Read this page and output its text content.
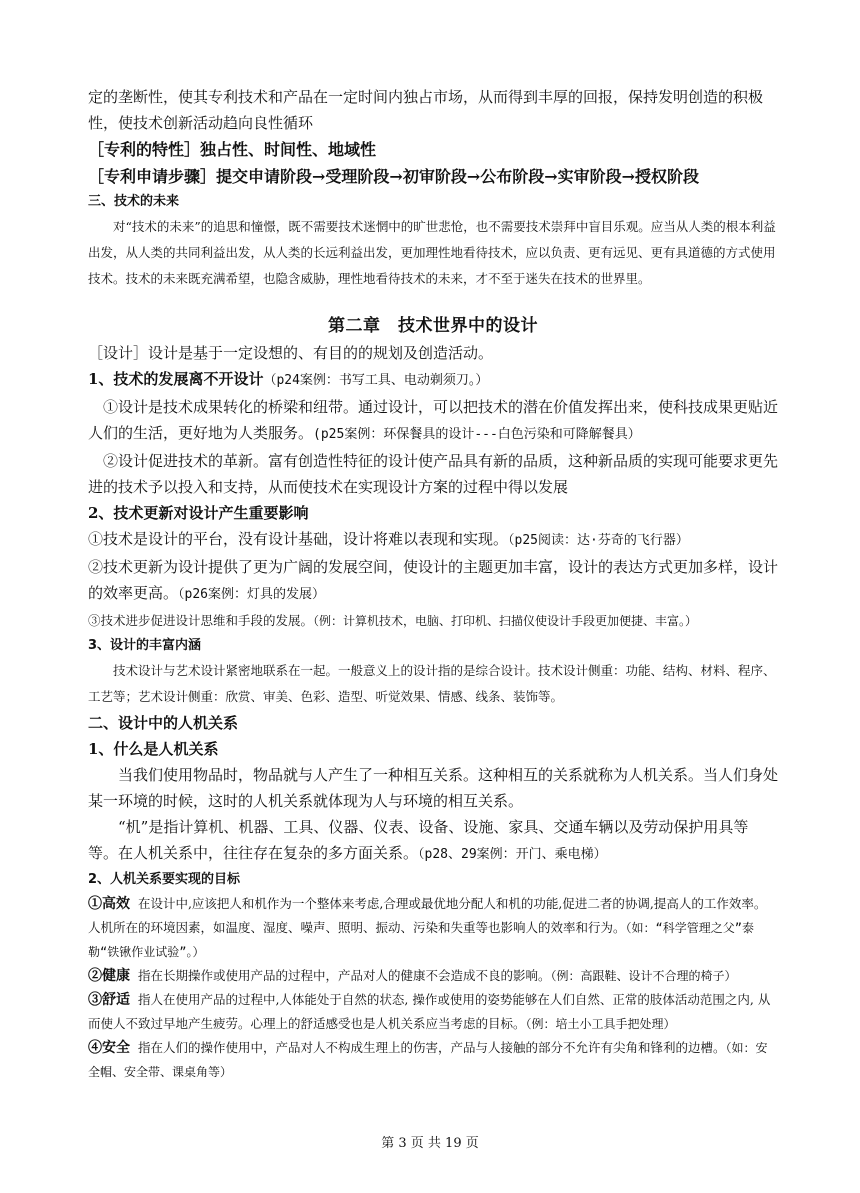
定的垄断性，使其专利技术和产品在一定时间内独占市场，从而得到丰厚的回报，保持发明创造的积极性，使技术创新活动趋向良性循环

［专利的特性］独占性、时间性、地域性

［专利申请步骤］提交申请阶段→受理阶段→初审阶段→公布阶段→实审阶段→授权阶段

三、技术的未来

对“技术的未来”的追思和憧憬，既不需要技术迷惘中的旷世悲怆，也不需要技术崇拜中盲目乐观。应当从人类的根本利益出发，从人类的共同利益出发，从人类的长远利益出发，更加理性地看待技术，应以负责、更有远见、更有具道德的方式使用技术。技术的未来既充满希望，也隐含威胁，理性地看待技术的未来，才不至于迷失在技术的世界里。

第二章　技术世界中的设计

［设计］设计是基于一定设想的、有目的的规划及创造活动。

1、技术的发展离不开设计（p24案例：书写工具、电动剃须刀。）

①设计是技术成果转化的桥梁和纽带。通过设计，可以把技术的潜在价值发挥出来，使科技成果更贴近人们的生活，更好地为人类服务。(p25案例：环保餐具的设计---白色污染和可降解餐具）

②设计促进技术的革新。富有创造性特征的设计使产品具有新的品质，这种新品质的实现可能要求更先进的技术予以投入和支持，从而使技术在实现设计方案的过程中得以发展

2、技术更新对设计产生重要影响

①技术是设计的平台，没有设计基础，设计将难以表现和实现。（p25阅读：达·芬奇的飞行器）

②技术更新为设计提供了更为广阔的发展空间，使设计的主题更加丰富，设计的表达方式更加多样，设计的效率更高。（p26案例：灯具的发展）

③技术进步促进设计思维和手段的发展。（例：计算机技术，电脑、打印机、扫描仪使设计手段更加便捷、丰富。）

3、设计的丰富内涵

技术设计与艺术设计紧密地联系在一起。一般意义上的设计指的是综合设计。技术设计侧重：功能、结构、材料、程序、工艺等；艺术设计侧重：欣赏、审美、色彩、造型、听觉效果、情感、线条、装饰等。

二、设计中的人机关系

1、什么是人机关系

当我们使用物品时，物品就与人产生了一种相互关系。这种相互的关系就称为人机关系。当人们身处某一环境的时候，这时的人机关系就体现为人与环境的相互关系。

“机”是指计算机、机器、工具、仪器、仪表、设备、设施、家具、交通车辆以及劳动保护用具等等。在人机关系中，往往存在复杂的多方面关系。（p28、29案例：开门、乘电梯）

2、人机关系要实现的目标

①高效 在设计中,应该把人和机作为一个整体来考虑,合理或最优地分配人和机的功能,促进二者的协调,提高人的工作效率。人机所在的环境因素，如温度、湿度、噪声、照明、振动、污染和失重等也影响人的效率和行为。（如：“科学管理之父”泰勒“铁锹作业试验”。）

②健康 指在长期操作或使用产品的过程中，产品对人的健康不会造成不良的影响。（例：高跟鞋、设计不合理的椅子）

③舒适 指人在使用产品的过程中,人体能处于自然的状态, 操作或使用的姿势能够在人们自然、正常的肢体活动范围之内, 从而使人不致过早地产生疲劳。心理上的舒适感受也是人机关系应当考虑的目标。（例：培土小工具手把处理）

④安全 指在人们的操作使用中，产品对人不构成生理上的伤害，产品与人接触的部分不允许有尖角和锋利的边槽。（如：安全帽、安全带、课桌角等）

第 3 页 共 19 页
